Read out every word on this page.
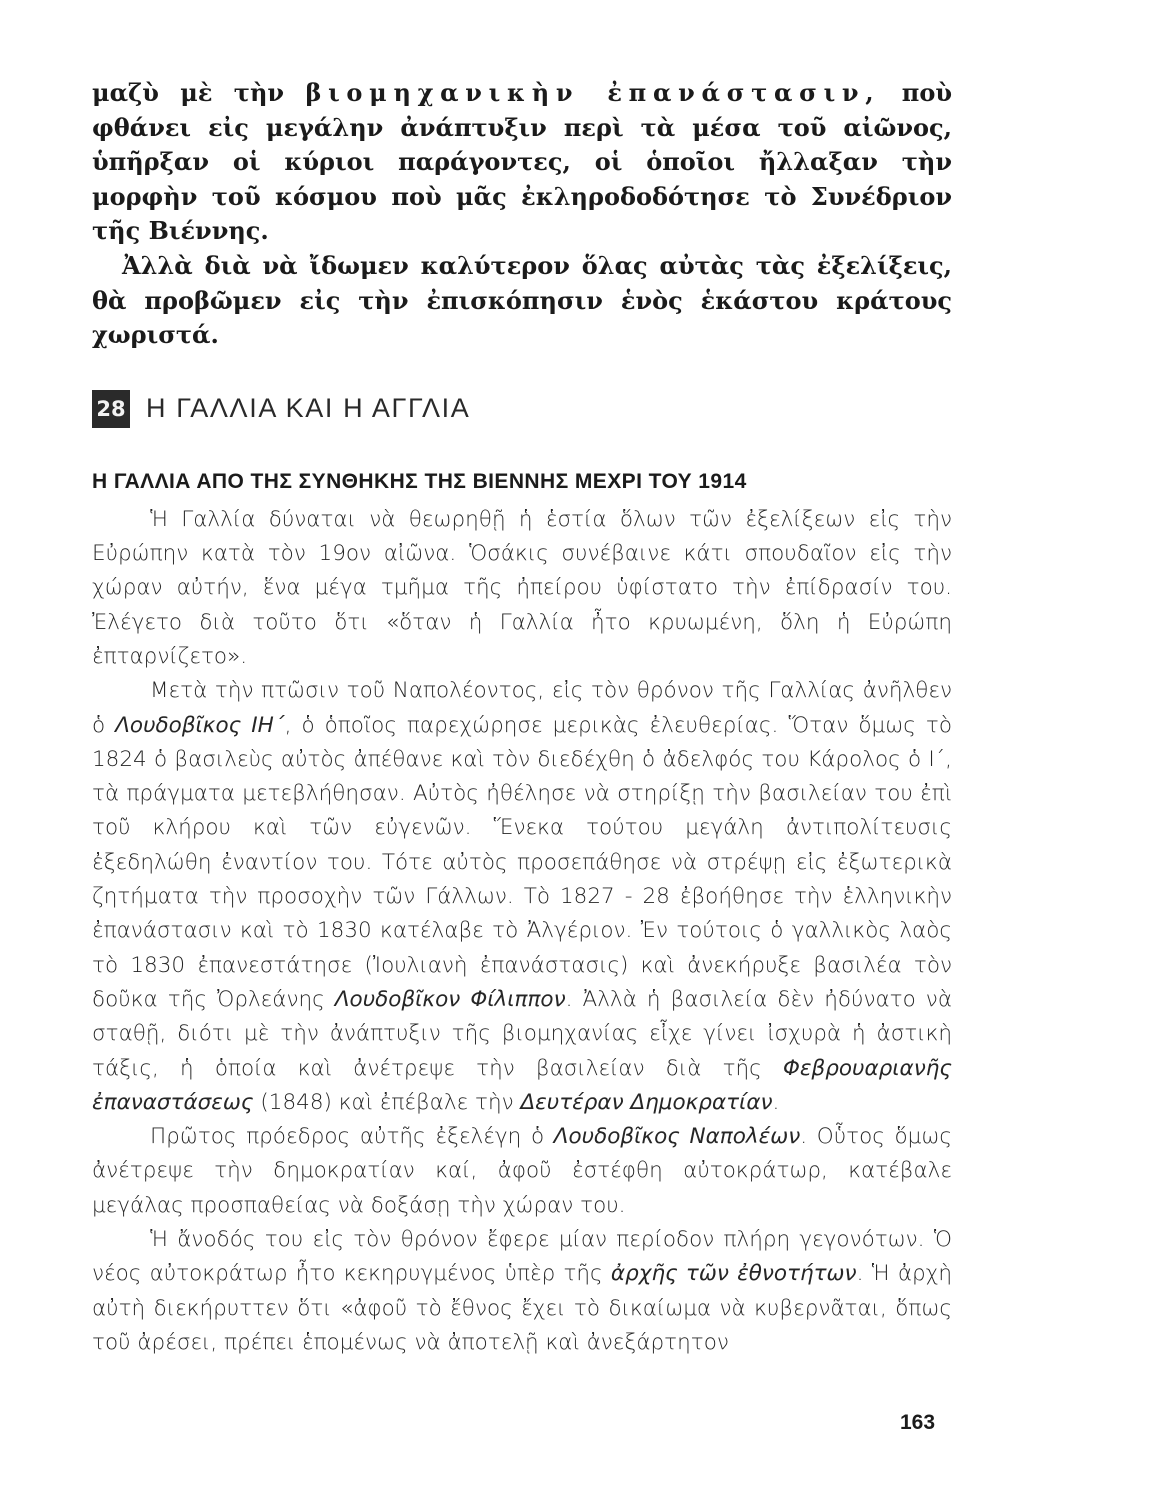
μαζὺ μὲ τὴν βιομηχανικὴν ἐπανάστασιν, ποὺ φθάνει εἰς μεγάλην ἀνάπτυξιν περὶ τὰ μέσα τοῦ αἰῶνος, ὑπῆρξαν οἱ κύριοι παράγοντες, οἱ ὁποῖοι ἤλλαξαν τὴν μορφὴν τοῦ κόσμου ποὺ μᾶς ἐκληροδοδότησε τὸ Συνέδριον τῆς Βιέννης.

Ἀλλὰ διὰ νὰ ἴδωμεν καλύτερον ὅλας αὐτὰς τὰς ἐξελίξεις, θὰ προβῶμεν εἰς τὴν ἐπισκόπησιν ἑνὸς ἑκάστου κράτους χωριστά.

28 Η ΓΑΛΛΙΑ ΚΑΙ Η ΑΓΓΛΙΑ
Η ΓΑΛΛΙΑ ΑΠΟ ΤΗΣ ΣΥΝΘΗΚΗΣ ΤΗΣ ΒΙΕΝΝΗΣ ΜΕΧΡΙ ΤΟΥ 1914

Ἡ Γαλλία δύναται νὰ θεωρηθῇ ἡ ἑστία ὅλων τῶν ἐξελίξεων εἰς τὴν Εὐρώπην κατὰ τὸν 19ον αἰῶνα. Ὁσάκις συνέβαινε κάτι σπουδαῖον εἰς τὴν χώραν αὐτήν, ἕνα μέγα τμῆμα τῆς ἠπείρου ὑφίστατο τὴν ἐπίδρασίν του. Ἐλέγετο διὰ τοῦτο ὅτι «ὅταν ἡ Γαλλία ἦτο κρυωμένη, ὅλη ἡ Εὐρώπη ἐπταρνίζετο».

Μετὰ τὴν πτῶσιν τοῦ Ναπολέοντος, εἰς τὸν θρόνον τῆς Γαλλίας ἀνῆλθεν ὁ Λουδοβῖκος ΙΗ΄, ὁ ὁποῖος παρεχώρησε μερικὰς ἐλευθερίας. Ὅταν ὅμως τὸ 1824 ὁ βασιλεὺς αὐτὸς ἀπέθανε καὶ τὸν διεδέχθη ὁ ἀδελφός του Κάρολος ὁ Ι΄, τὰ πράγματα μετεβλήθησαν. Αὐτὸς ἠθέλησε νὰ στηρίξῃ τὴν βασιλείαν του ἐπὶ τοῦ κλήρου καὶ τῶν εὐγενῶν. Ἕνεκα τούτου μεγάλη ἀντιπολίτευσις ἐξεδηλώθη ἐναντίον του. Τότε αὐτὸς προσεπάθησε νὰ στρέψῃ εἰς ἐξωτερικὰ ζητήματα τὴν προσοχὴν τῶν Γάλλων. Τὸ 1827 - 28 ἐβοήθησε τὴν ἑλληνικὴν ἐπανάστασιν καὶ τὸ 1830 κατέλαβε τὸ Ἀλγέριον. Ἐν τούτοις ὁ γαλλικὸς λαὸς τὸ 1830 ἐπανεστάτησε (Ἰουλιανὴ ἐπανάστασις) καὶ ἀνεκήρυξε βασιλέα τὸν δοῦκα τῆς Ὀρλεάνης Λουδοβῖκον Φίλιππον. Ἀλλὰ ἡ βασιλεία δὲν ἠδύνατο νὰ σταθῇ, διότι μὲ τὴν ἀνάπτυξιν τῆς βιομηχανίας εἶχε γίνει ἰσχυρὰ ἡ ἀστικὴ τάξις, ἡ ὁποία καὶ ἀνέτρεψε τὴν βασιλείαν διὰ τῆς Φεβρουαριανῆς ἐπαναστάσεως (1848) καὶ ἐπέβαλε τὴν Δευτέραν Δημοκρατίαν.

Πρῶτος πρόεδρος αὐτῆς ἐξελέγη ὁ Λουδοβῖκος Ναπολέων. Οὗτος ὅμως ἀνέτρεψε τὴν δημοκρατίαν καί, ἀφοῦ ἐστέφθη αὐτοκράτωρ, κατέβαλε μεγάλας προσπαθείας νὰ δοξάσῃ τὴν χώραν του.

Ἡ ἄνοδός του εἰς τὸν θρόνον ἔφερε μίαν περίοδον πλήρη γεγονότων. Ὁ νέος αὐτοκράτωρ ἦτο κεκηρυγμένος ὑπὲρ τῆς ἀρχῆς τῶν ἐθνοτήτων. Ἡ ἀρχὴ αὐτὴ διεκήρυττεν ὅτι «ἀφοῦ τὸ ἔθνος ἔχει τὸ δικαίωμα νὰ κυβερνᾶται, ὅπως τοῦ ἀρέσει, πρέπει ἑπομένως νὰ ἀποτελῇ καὶ ἀνεξάρτητον

163
